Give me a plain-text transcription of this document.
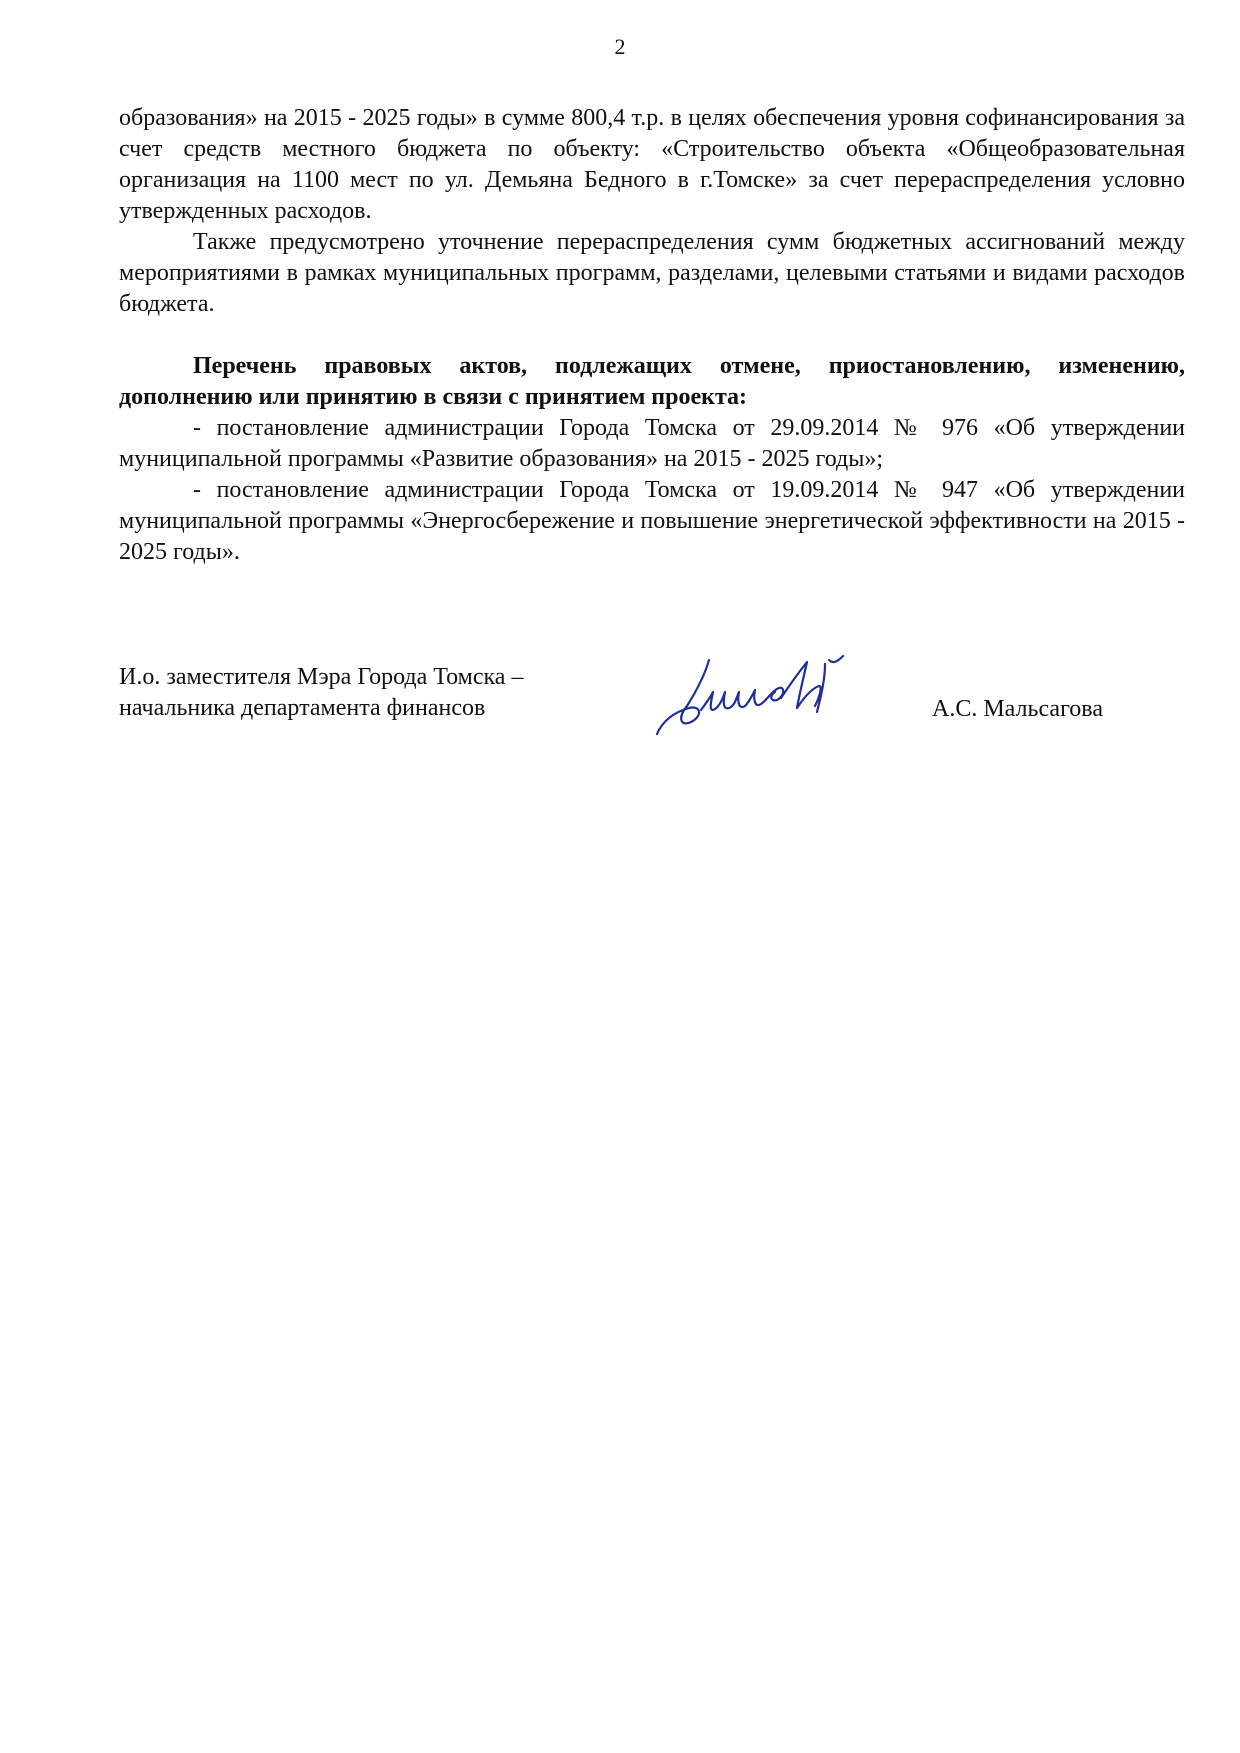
2

образования» на 2015 - 2025 годы» в сумме 800,4 т.р. в целях обеспечения уровня софинансирования за счет средств местного бюджета по объекту: «Строительство объекта «Общеобразовательная организация на 1100 мест по ул. Демьяна Бедного в г.Томске» за счет перераспределения условно утвержденных расходов.

Также предусмотрено уточнение перераспределения сумм бюджетных ассигнований между мероприятиями в рамках муниципальных программ, разделами, целевыми статьями и видами расходов бюджета.

Перечень правовых актов, подлежащих отмене, приостановлению, изменению, дополнению или принятию в связи с принятием проекта:

- постановление администрации Города Томска от 29.09.2014 № 976 «Об утверждении муниципальной программы «Развитие образования» на 2015 - 2025 годы»;

- постановление администрации Города Томска от 19.09.2014 № 947 «Об утверждении муниципальной программы «Энергосбережение и повышение энергетической эффективности на 2015 - 2025 годы».

И.о. заместителя Мэра Города Томска –
начальника департамента финансов	А.С. Мальсагова
